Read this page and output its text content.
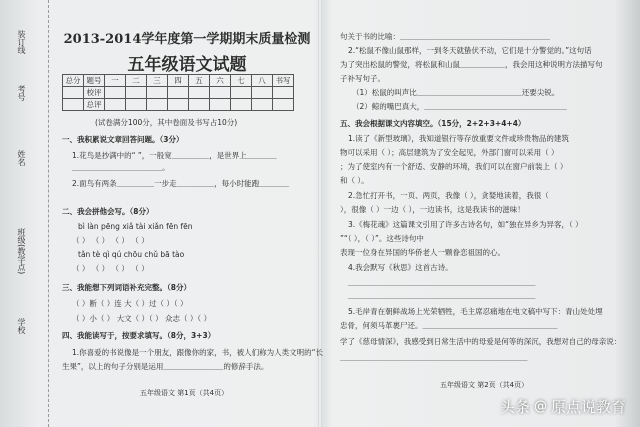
装订线
考号
姓名
班级(教学点)
学校
2013-2014学年度第一学期期末质量检测
五年级语文试题
总分	题号	一	二	三	四	五	六	七	八	书写
	校评									
	总评									
(试卷满分100分，其中卷面及书写占10分)
一、我积累说文章回答问题。（3分）
1.花鸟是抄满中的“ ”，一般宽＿＿＿＿＿，是世界上＿＿＿＿
＿＿＿＿＿＿＿＿＿＿＿＿。
2.面鸟有两条＿＿＿＿＿一步走＿＿＿＿＿，每小时能跑＿＿＿＿
二、我会拼他会写。（8分）
bì làn pēng xiǎ tài xiǎn fēn fēn
（ ） （ ） （ ） （ ）
tǎn tè qì qú chōu chǔ bā tào
（ ） （ ） （ ） （ ）
三、我能想下列词语补充完整。（8分）
（ ）断（ ）连 大（ ）过（ ）（ ）
（ ）小（ ） 大文（ ）（ ） 众志（ ）（ ）
四、我能读写于，按要求填写。（8分，3+3）
1.你喜爱的书说像是一个朋友，跟像你的家，书，被人们称为人类文明的“长
生果”，以上的句子分别是运用＿＿＿＿＿＿＿＿的修辞手法。
五年级语文 第1页（共4页）
句关于书的比喻：＿＿＿＿＿＿＿＿＿＿＿＿＿＿＿＿＿＿＿＿
2.“松鼠不像山鼠那样，一到冬天就蛰伏不动，它们是十分警觉的。”这句话
为了突出松鼠的警觉，将松鼠和山鼠＿＿＿＿＿＿，我会用这种说明方法描写句
子补写句子。
（1）松鼠的叫声比＿＿＿＿＿＿＿＿＿＿＿＿＿＿还要尖锐。
（2）鲸的嘴巴真大，＿＿＿＿＿＿＿＿＿＿＿＿＿＿＿＿＿＿＿
五、我会根据课文内容填空。（15分，2+2+3+4+4）
1.读了《新型玻璃》，我知道银行等存放重要文件或珍贵物品的建筑
物可以采用（ ）；高层建筑为了安全起见，外部门窗可以采用（ ）
；为了使室内有一个舒适、安静的环境，我们可以在窗户前装上（ ）
和（ ）。
2.急忙打开书，一页、两页，我像（ ），贪婪地读着，我很（
），很像（ ）一边（ ），一边读书，这是我读书的滋味！
3.《梅花魂》这篇课文引用了许多古诗名句，如“独在异乡为异客，（ ）
”“（ ），（ ）”。这些诗句中
表现一位身在异国的华侨老人一颗眷恋祖国的心。
4.我会默写《秋思》这首古诗。
＿＿＿＿＿＿＿＿＿＿＿＿＿＿＿＿＿＿＿＿＿＿＿＿＿
＿＿＿＿＿＿＿＿＿＿＿＿＿＿＿＿＿＿＿＿＿＿＿＿＿
5.毛岸青在朝鲜战场上光荣牺牲，毛主席忍痛地在电文稿中写下：青山处处埋
忠骨，何须马革裹尸还。＿＿＿＿＿＿＿＿＿＿＿＿＿＿＿＿＿＿
学了《慈母情深》，我感受到日常生活中的母爱是何等的深沉，我想对自己的母亲说：
＿＿＿＿＿＿＿＿＿＿＿＿＿＿＿＿＿＿＿＿＿＿＿＿＿
五年级语文 第2页（共4页）
头条 @ 原点说教育
